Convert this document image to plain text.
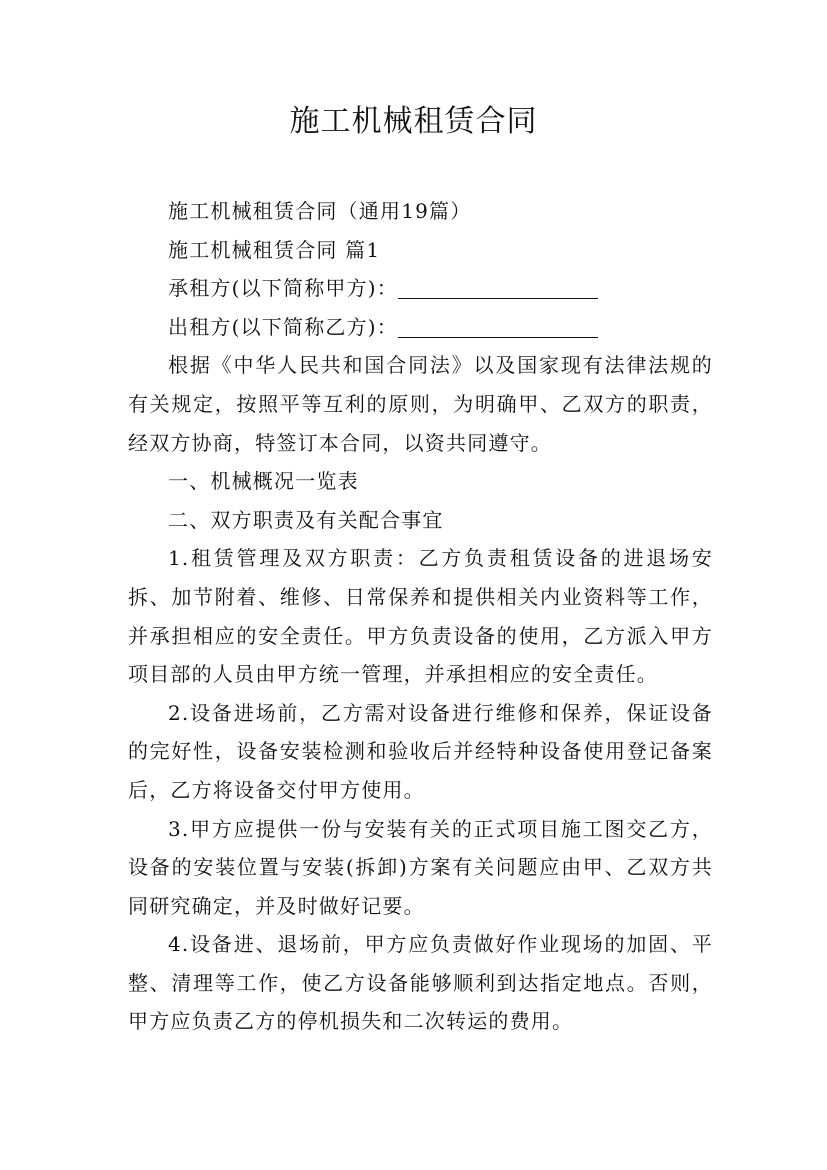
施工机械租赁合同

施工机械租赁合同（通用19篇）

施工机械租赁合同 篇1

承租方(以下简称甲方)：

出租方(以下简称乙方)：

根据《中华人民共和国合同法》以及国家现有法律法规的有关规定，按照平等互利的原则，为明确甲、乙双方的职责，经双方协商，特签订本合同，以资共同遵守。

一、机械概况一览表

二、双方职责及有关配合事宜

1.租赁管理及双方职责：乙方负责租赁设备的进退场安拆、加节附着、维修、日常保养和提供相关内业资料等工作，并承担相应的安全责任。甲方负责设备的使用，乙方派入甲方项目部的人员由甲方统一管理，并承担相应的安全责任。

2.设备进场前，乙方需对设备进行维修和保养，保证设备的完好性，设备安装检测和验收后并经特种设备使用登记备案后，乙方将设备交付甲方使用。

3.甲方应提供一份与安装有关的正式项目施工图交乙方，设备的安装位置与安装(拆卸)方案有关问题应由甲、乙双方共同研究确定，并及时做好记要。

4.设备进、退场前，甲方应负责做好作业现场的加固、平整、清理等工作，使乙方设备能够顺利到达指定地点。否则，甲方应负责乙方的停机损失和二次转运的费用。
